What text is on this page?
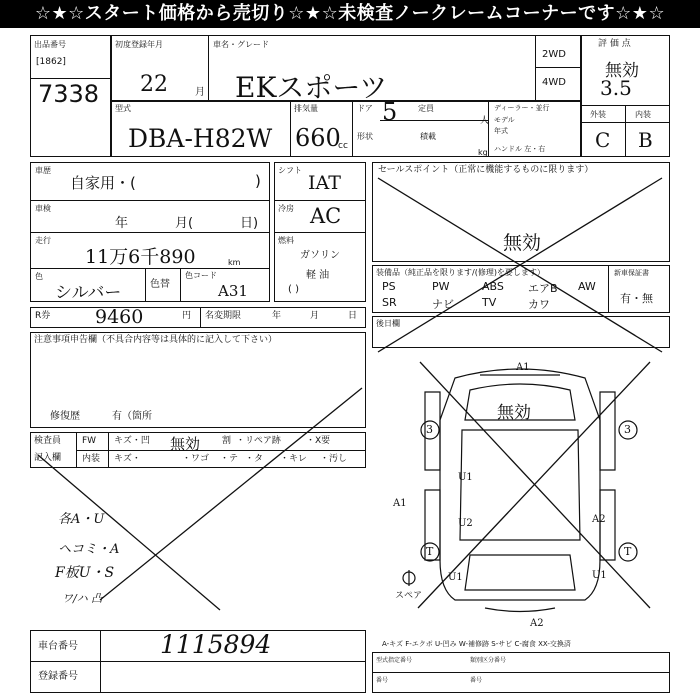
☆★☆スタート価格から売切り☆★☆未検査ノークレームコーナーです☆★☆
出品番号
[1862]
7338
初度登録年月
22	月
車名・グレード
EKスポーツ
2WD
4WD
評 価 点
無効
3.5
型式
DBA-H82W
排気量
660
cc
ドア 5	定員
形状	積載
kg
ディーラー・並行
人 モデル
年式
ハンドル 左・右
外装	内装
C B
車歴
自家用・(	)
車検
年	月(	日)
走行
11万6千890	km
色
シルバー	色替
色コード
A31
シフト
IAT
冷房 AC
燃料
ガソリン
軽 油
( )
セールスポイント（正常に機能するものに限ります）
無効
装備品（純正品を限ります/(修理)を要します）
PS	PW	ABS エアB AW
SR	ナビ	TV	カワ
新車保証書
有・無
後日欄
R券 9460	円 名変期限	年	月	日
注意事項申告欄（不具合内容等は具体的に記入して下さい）
修復歴	有（箇所
検査員
記入欄
FW キズ・凹 無効 割 ・リペア跡	・X要
内装 キズ・	・ワゴ ・テ ・タ ・キレ ・汚し
各A・U
ヘコミ・A
F板U・S
ワ/ハ 凸
車台番号	1115894
登録番号
A-キズ F-エクボ U-凹み W-補修跡 S-サビ C-腐食 XX-交換済
型式指定番号	類別区分番号
番号	番号
無効
スペア
A1
3	3
U1
U2
A1
A2
T	T
U1	U1
A2
